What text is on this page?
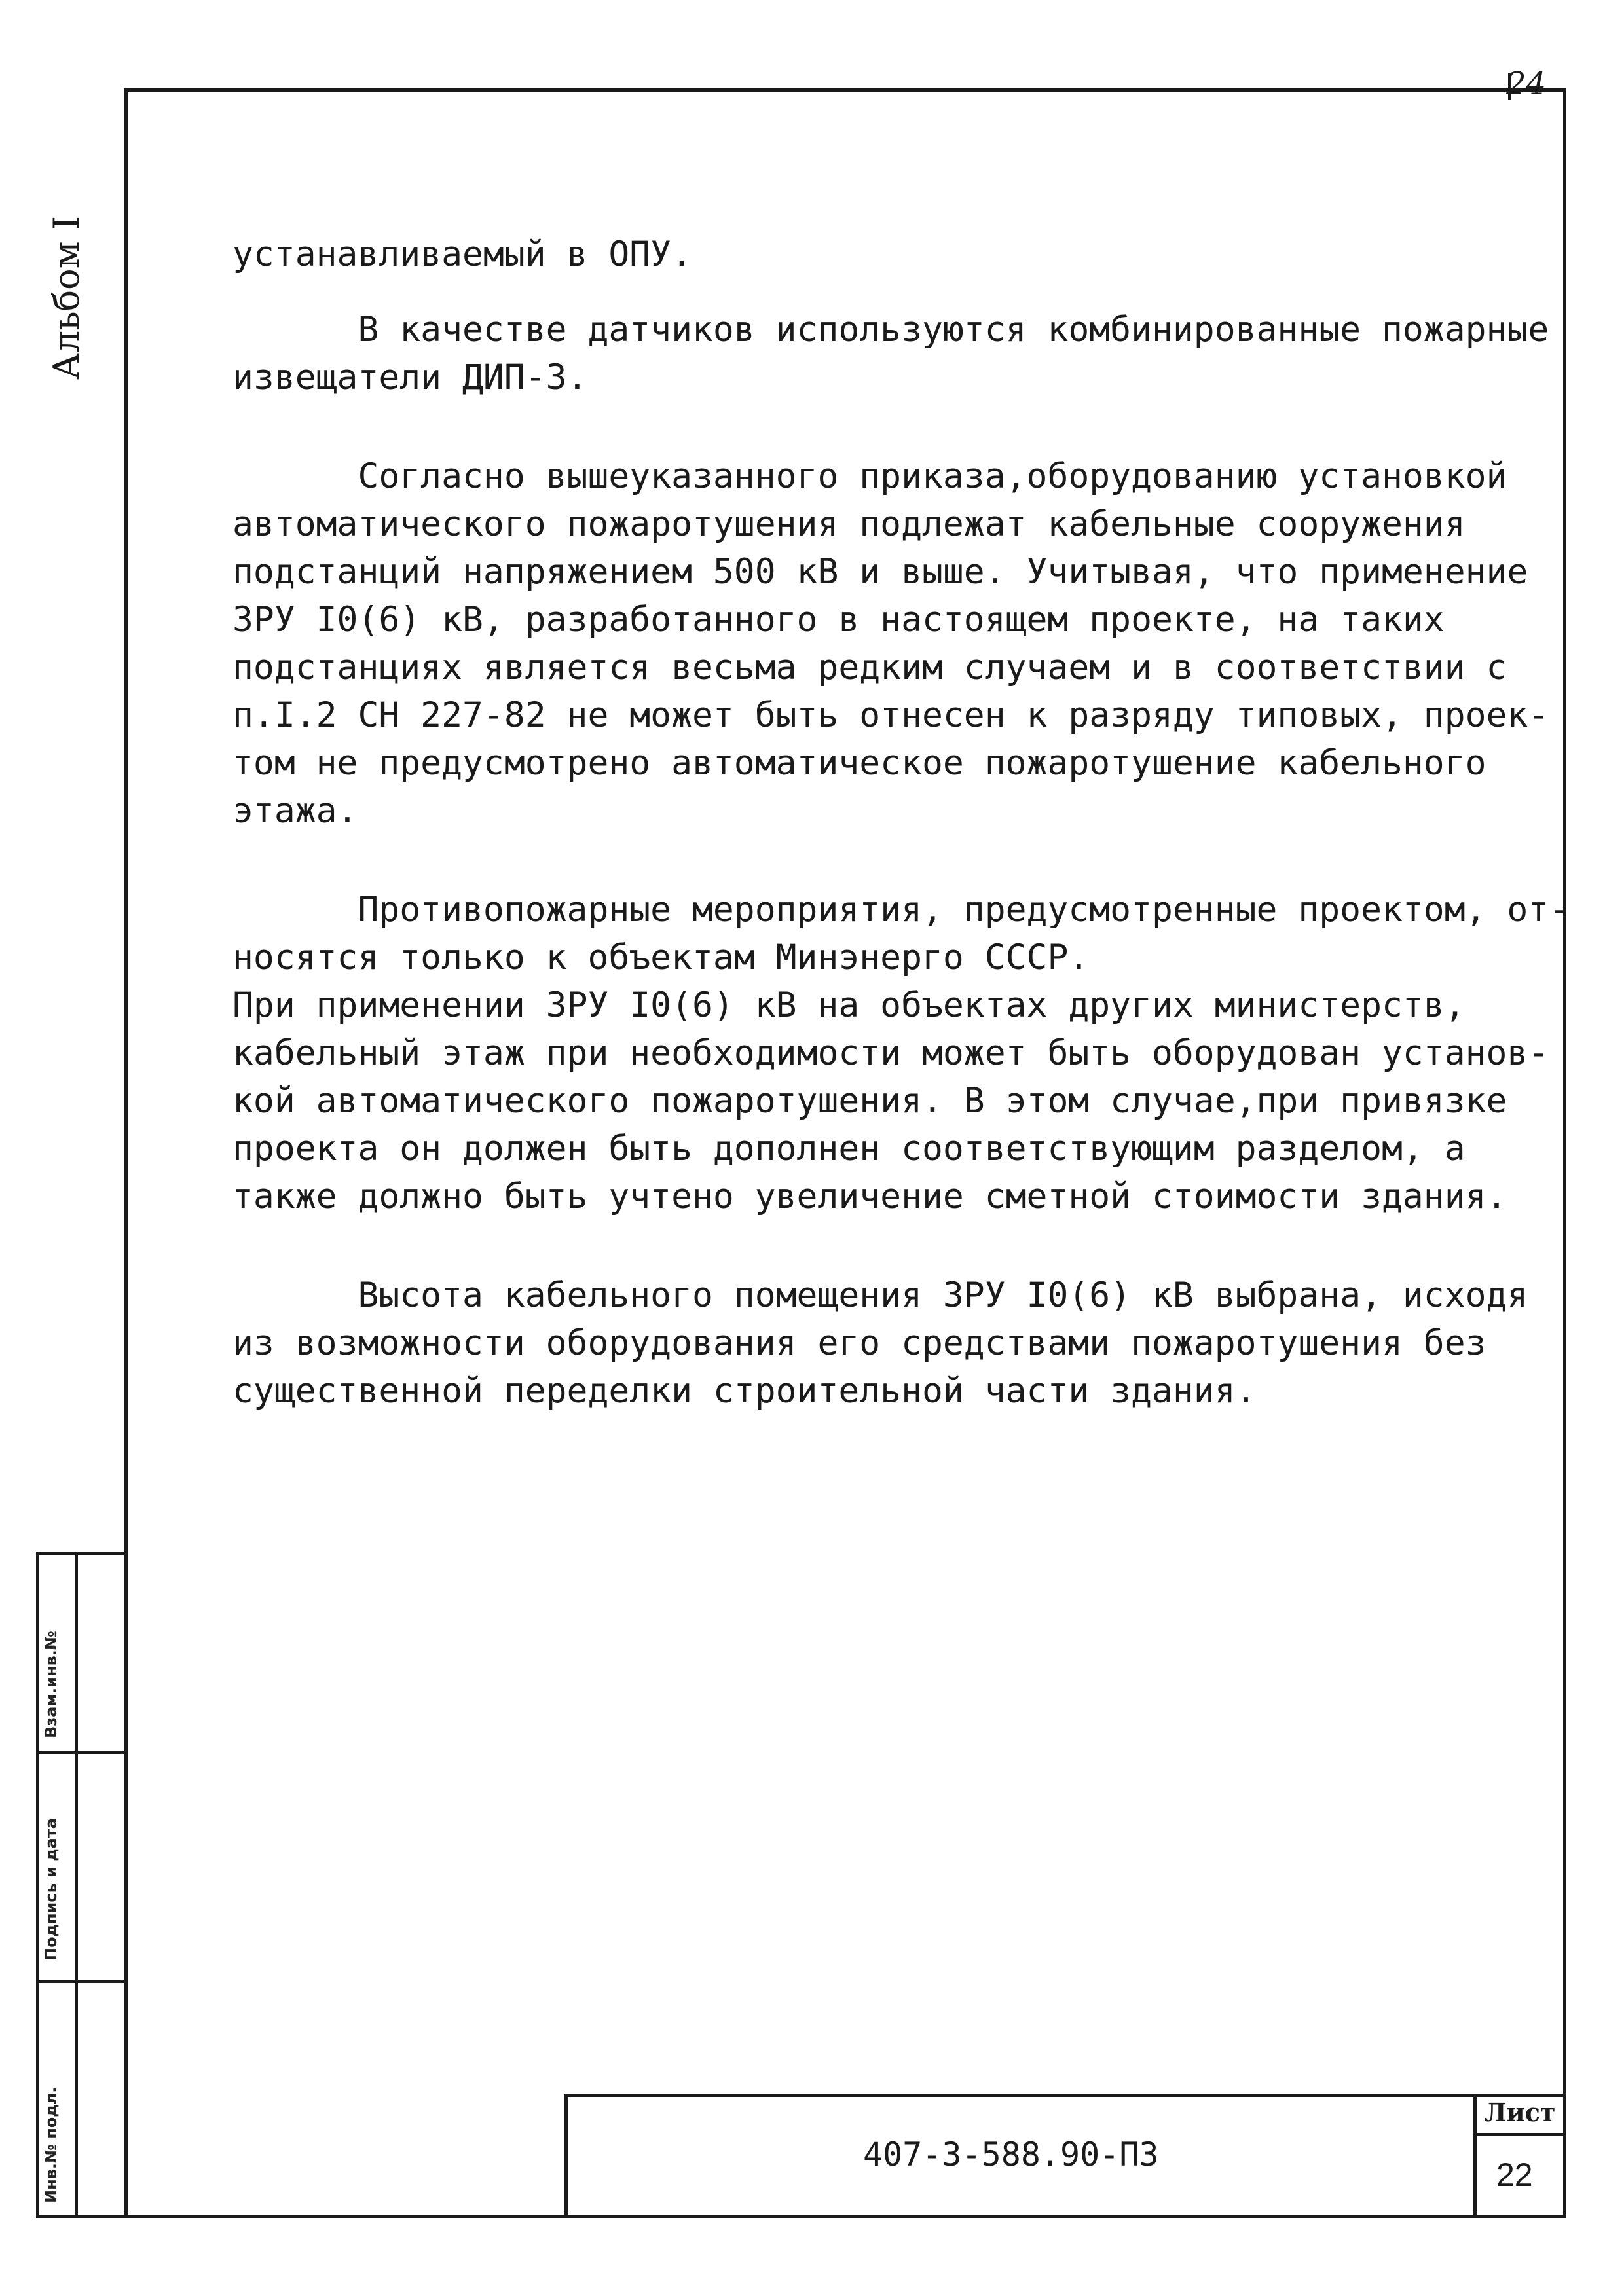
24
Альбом I
Взам.инв.№
Подпись и дата
Инв.№ подл.

устанавливаемый в ОПУ.

В качестве датчиков используются комбинированные пожарные

извещатели ДИП-3.

Согласно вышеуказанного приказа,оборудованию установкой

автоматического пожаротушения подлежат кабельные сооружения

подстанций напряжением 500 кВ и выше. Учитывая, что применение

ЗРУ I0(6) кВ, разработанного в настоящем проекте, на таких

подстанциях является весьма редким случаем и в соответствии с

п.I.2 СН 227-82 не может быть отнесен к разряду типовых, проек-

том не предусмотрено автоматическое пожаротушение кабельного

этажа.

Противопожарные мероприятия, предусмотренные проектом, от-

носятся только к объектам Минэнерго СССР.

При применении ЗРУ I0(6) кВ на объектах других министерств,

кабельный этаж при необходимости может быть оборудован установ-

кой автоматического пожаротушения. В этом случае,при привязке

проекта он должен быть дополнен соответствующим разделом, а

также должно быть учтено увеличение сметной стоимости здания.

Высота кабельного помещения ЗРУ I0(6) кВ выбрана, исходя

из возможности оборудования его средствами пожаротушения без

существенной переделки строительной части здания.

407-3-588.90-ПЗ
Лист
22
